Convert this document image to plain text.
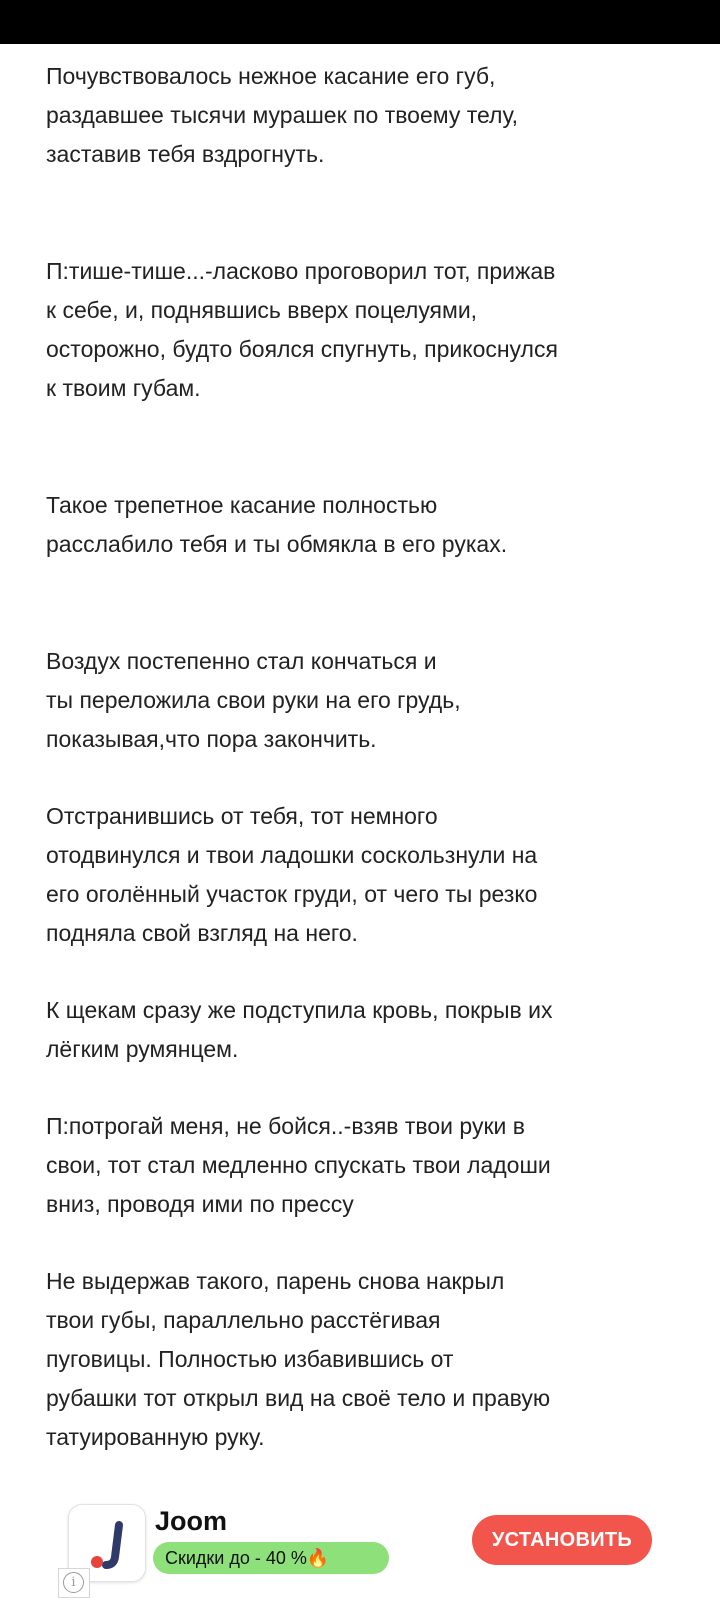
Почувствовалось нежное касание его губ,
раздавшее тысячи мурашек по твоему телу,
заставив тебя вздрогнуть.

П:тише-тише...-ласково проговорил тот, прижав
к себе, и, поднявшись вверх поцелуями,
осторожно, будто боялся спугнуть, прикоснулся
к твоим губам.

Такое трепетное касание полностью
расслабило тебя и ты обмякла в его руках.

Воздух постепенно стал кончаться и
ты переложила свои руки на его грудь,
показывая,что пора закончить.

Отстранившись от тебя, тот немного
отодвинулся и твои ладошки соскользнули на
его оголённый участок груди, от чего ты резко
подняла свой взгляд на него.

К щекам сразу же подступила кровь, покрыв их
лёгким румянцем.

П:потрогай меня, не бойся..-взяв твои руки в
свои, тот стал медленно спускать твои ладоши
вниз, проводя ими по прессу

Не выдержав такого, парень снова накрыл
твои губы, параллельно расстёгивая
пуговицы. Полностью избавившись от
рубашки тот открыл вид на своё тело и правую
татуированную руку.

Joom
Скидки до - 40 %🔥
УСТАНОВИТЬ
i
